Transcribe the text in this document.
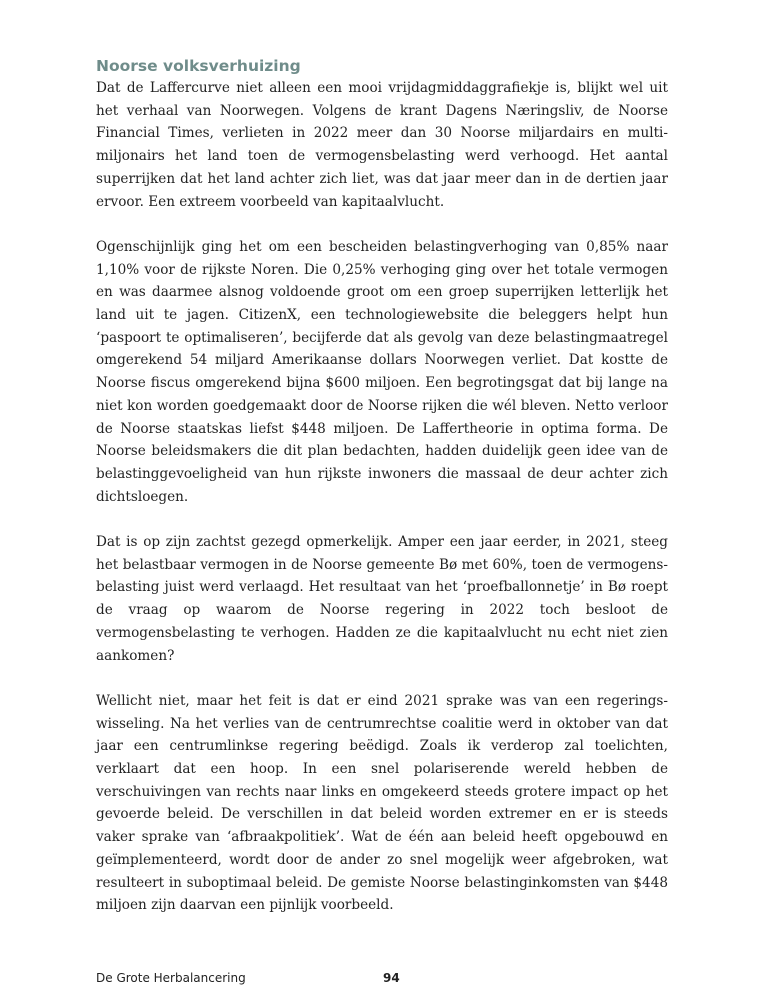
Noorse volksverhuizing

Dat de Laffercurve niet alleen een mooi vrijdagmiddaggrafiekje is, blijkt wel uit het verhaal van Noorwegen. Volgens de krant Dagens Næringsliv, de Noorse Financial Times, verlieten in 2022 meer dan 30 Noorse miljardairs en multi-miljonairs het land toen de vermogensbelasting werd verhoogd. Het aantal superrijken dat het land achter zich liet, was dat jaar meer dan in de dertien jaar ervoor. Een extreem voorbeeld van kapitaalvlucht.

Ogenschijnlijk ging het om een bescheiden belastingverhoging van 0,85% naar 1,10% voor de rijkste Noren. Die 0,25% verhoging ging over het totale vermogen en was daarmee alsnog voldoende groot om een groep superrijken letterlijk het land uit te jagen. CitizenX, een technologiewebsite die beleggers helpt hun ‘paspoort te optimaliseren’, becijferde dat als gevolg van deze belastingmaatregel omgerekend 54 miljard Amerikaanse dollars Noorwegen verliet. Dat kostte de Noorse fiscus omgerekend bijna $600 miljoen. Een begrotingsgat dat bij lange na niet kon worden goedgemaakt door de Noorse rijken die wél bleven. Netto verloor de Noorse staatskas liefst $448 miljoen. De Laffertheorie in optima forma. De Noorse beleidsmakers die dit plan bedachten, hadden duidelijk geen idee van de belastinggevoeligheid van hun rijkste inwoners die massaal de deur achter zich dichtsloegen.

Dat is op zijn zachtst gezegd opmerkelijk. Amper een jaar eerder, in 2021, steeg het belastbaar vermogen in de Noorse gemeente Bø met 60%, toen de vermogens-belasting juist werd verlaagd. Het resultaat van het ‘proefballonnetje’ in Bø roept de vraag op waarom de Noorse regering in 2022 toch besloot de vermogensbelasting te verhogen. Hadden ze die kapitaalvlucht nu echt niet zien aankomen?

Wellicht niet, maar het feit is dat er eind 2021 sprake was van een regerings-wisseling. Na het verlies van de centrumrechtse coalitie werd in oktober van dat jaar een centrumlinkse regering beëdigd. Zoals ik verderop zal toelichten, verklaart dat een hoop. In een snel polariserende wereld hebben de verschuivingen van rechts naar links en omgekeerd steeds grotere impact op het gevoerde beleid. De verschillen in dat beleid worden extremer en er is steeds vaker sprake van ‘afbraakpolitiek’. Wat de één aan beleid heeft opgebouwd en geïmplementeerd, wordt door de ander zo snel mogelijk weer afgebroken, wat resulteert in suboptimaal beleid. De gemiste Noorse belastinginkomsten van $448 miljoen zijn daarvan een pijnlijk voorbeeld.

De Grote Herbalancering	94
